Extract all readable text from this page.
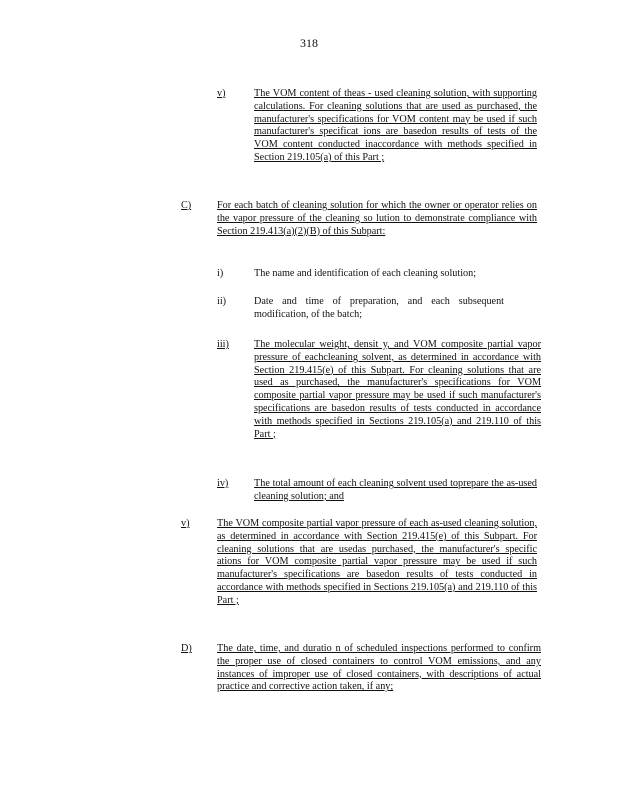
318
v)	The VOM content of theas - used cleaning solution, with supporting calculations. For cleaning solutions that are used as purchased, the manufacturer's specifications for VOM content may be used if such manufacturer's specificat ions are basedon results of tests of the VOM content conducted inaccordance with methods specified in Section 219.105(a) of this Part ;
C)	For each batch of cleaning solution for which the owner or operator relies on the vapor pressure of the cleaning so lution to demonstrate compliance with Section 219.413(a)(2)(B) of this Subpart:
i)	The name and identification of each cleaning solution;
ii)	Date and time of preparation, and each subsequent modification, of the batch;
iii) The molecular weight, densit y, and VOM composite partial vapor pressure of eachcleaning solvent, as determined in accordance with Section 219.415(e) of this Subpart. For cleaning solutions that are used as purchased, the manufacturer's specifications for VOM composite partial vapor pressure may be used if such manufacturer's specifications are basedon results of tests conducted in accordance with methods specified in Sections 219.105(a) and 219.110 of this Part ;
iv)	The total amount of each cleaning solvent used toprepare the as-used cleaning solution; and
v)	The VOM composite partial vapor pressure of each as-used cleaning solution, as determined in accordance with Section 219.415(e) of this Subpart. For cleaning solutions that are usedas purchased, the manufacturer's specific ations for VOM composite partial vapor pressure may be used if such manufacturer's specifications are basedon results of tests conducted in accordance with methods specified in Sections 219.105(a) and 219.110 of this Part ;
D) The date, time, and duratio n of scheduled inspections performed to confirm the proper use of closed containers to control VOM emissions, and any instances of improper use of closed containers, with descriptions of actual practice and corrective action taken, if any;
